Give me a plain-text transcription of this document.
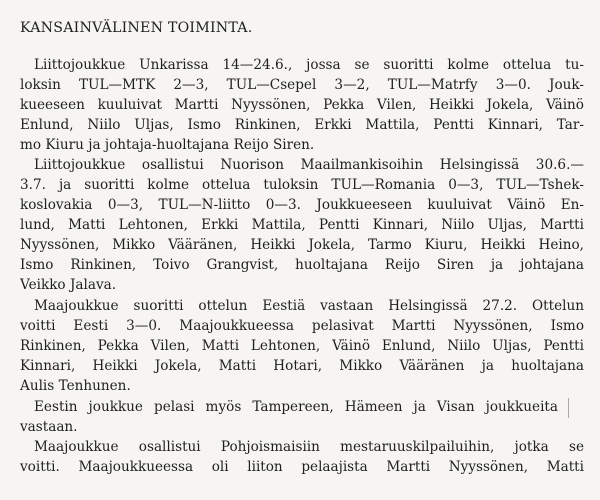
KANSAINVÄLINEN TOIMINTA.
Liittojoukkue Unkarissa 14—24.6., jossa se suoritti kolme ottelua tu-
loksin TUL—MTK 2—3, TUL—Csepel 3—2, TUL—Matrfy 3—0. Jouk-
kueeseen kuuluivat Martti Nyyssönen, Pekka Vilen, Heikki Jokela, Väinö
Enlund, Niilo Uljas, Ismo Rinkinen, Erkki Mattila, Pentti Kinnari, Tar-
mo Kiuru ja johtaja-huoltajana Reijo Siren.
Liittojoukkue osallistui Nuorison Maailmankisoihin Helsingissä 30.6.—
3.7. ja suoritti kolme ottelua tuloksin TUL—Romania 0—3, TUL—Tshek-
koslovakia 0—3, TUL—N-liitto 0—3. Joukkueeseen kuuluivat Väinö En-
lund, Matti Lehtonen, Erkki Mattila, Pentti Kinnari, Niilo Uljas, Martti
Nyyssönen, Mikko Vääränen, Heikki Jokela, Tarmo Kiuru, Heikki Heino,
Ismo Rinkinen, Toivo Grangvist, huoltajana Reijo Siren ja johtajana
Veikko Jalava.
Maajoukkue suoritti ottelun Eestiä vastaan Helsingissä 27.2. Ottelun
voitti Eesti 3—0. Maajoukkueessa pelasivat Martti Nyyssönen, Ismo
Rinkinen, Pekka Vilen, Matti Lehtonen, Väinö Enlund, Niilo Uljas, Pentti
Kinnari, Heikki Jokela, Matti Hotari, Mikko Vääränen ja huoltajana
Aulis Tenhunen.
Eestin joukkue pelasi myös Tampereen, Hämeen ja Visan joukkueita
vastaan.
Maajoukkue osallistui Pohjoismaisiin mestaruuskilpailuihin, jotka se
voitti. Maajoukkueessa oli liiton pelaajista Martti Nyyssönen, Matti
